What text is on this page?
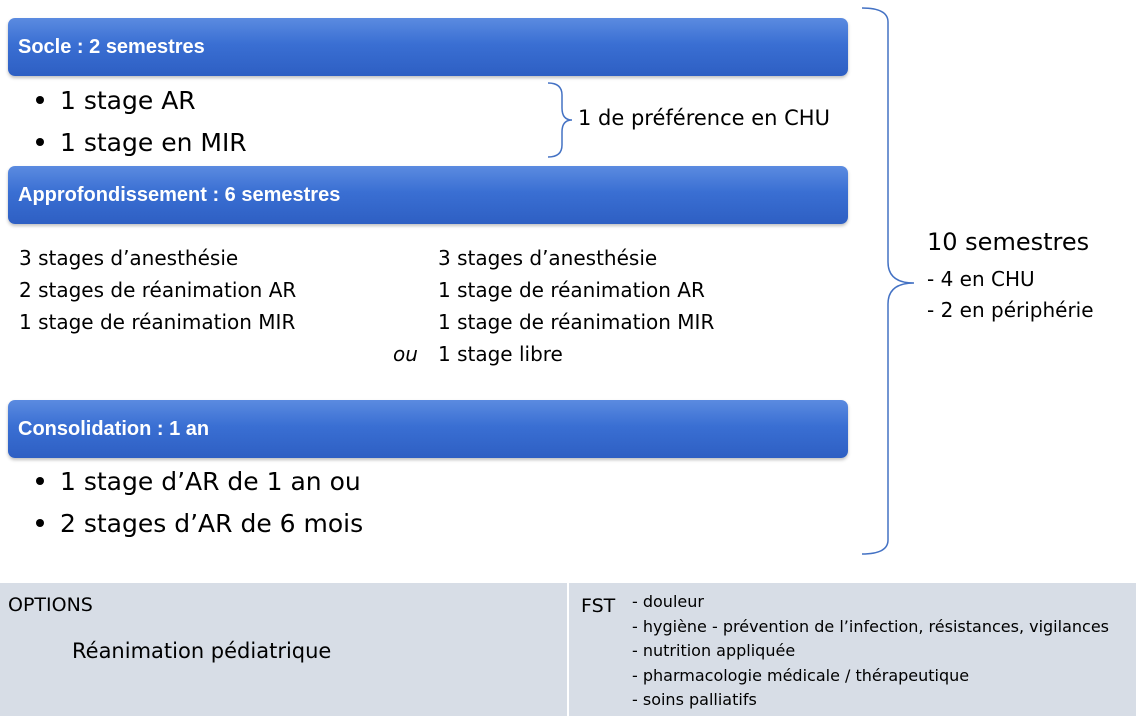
Socle : 2 semestres
1 stage AR
1 stage en MIR
1 de préférence en CHU
Approfondissement : 6 semestres
3 stages d’anesthésie
2 stages de réanimation AR
1 stage de réanimation MIR
ou
3 stages d’anesthésie
1 stage de réanimation AR
1 stage de réanimation MIR
1 stage libre
Consolidation : 1 an
1 stage d’AR de 1 an ou
2 stages d’AR de 6 mois
10 semestres
- 4 en CHU
- 2 en périphérie
OPTIONS
Réanimation pédiatrique
FST - douleur
- hygiène - prévention de l’infection, résistances, vigilances
- nutrition appliquée
- pharmacologie médicale / thérapeutique
- soins palliatifs
